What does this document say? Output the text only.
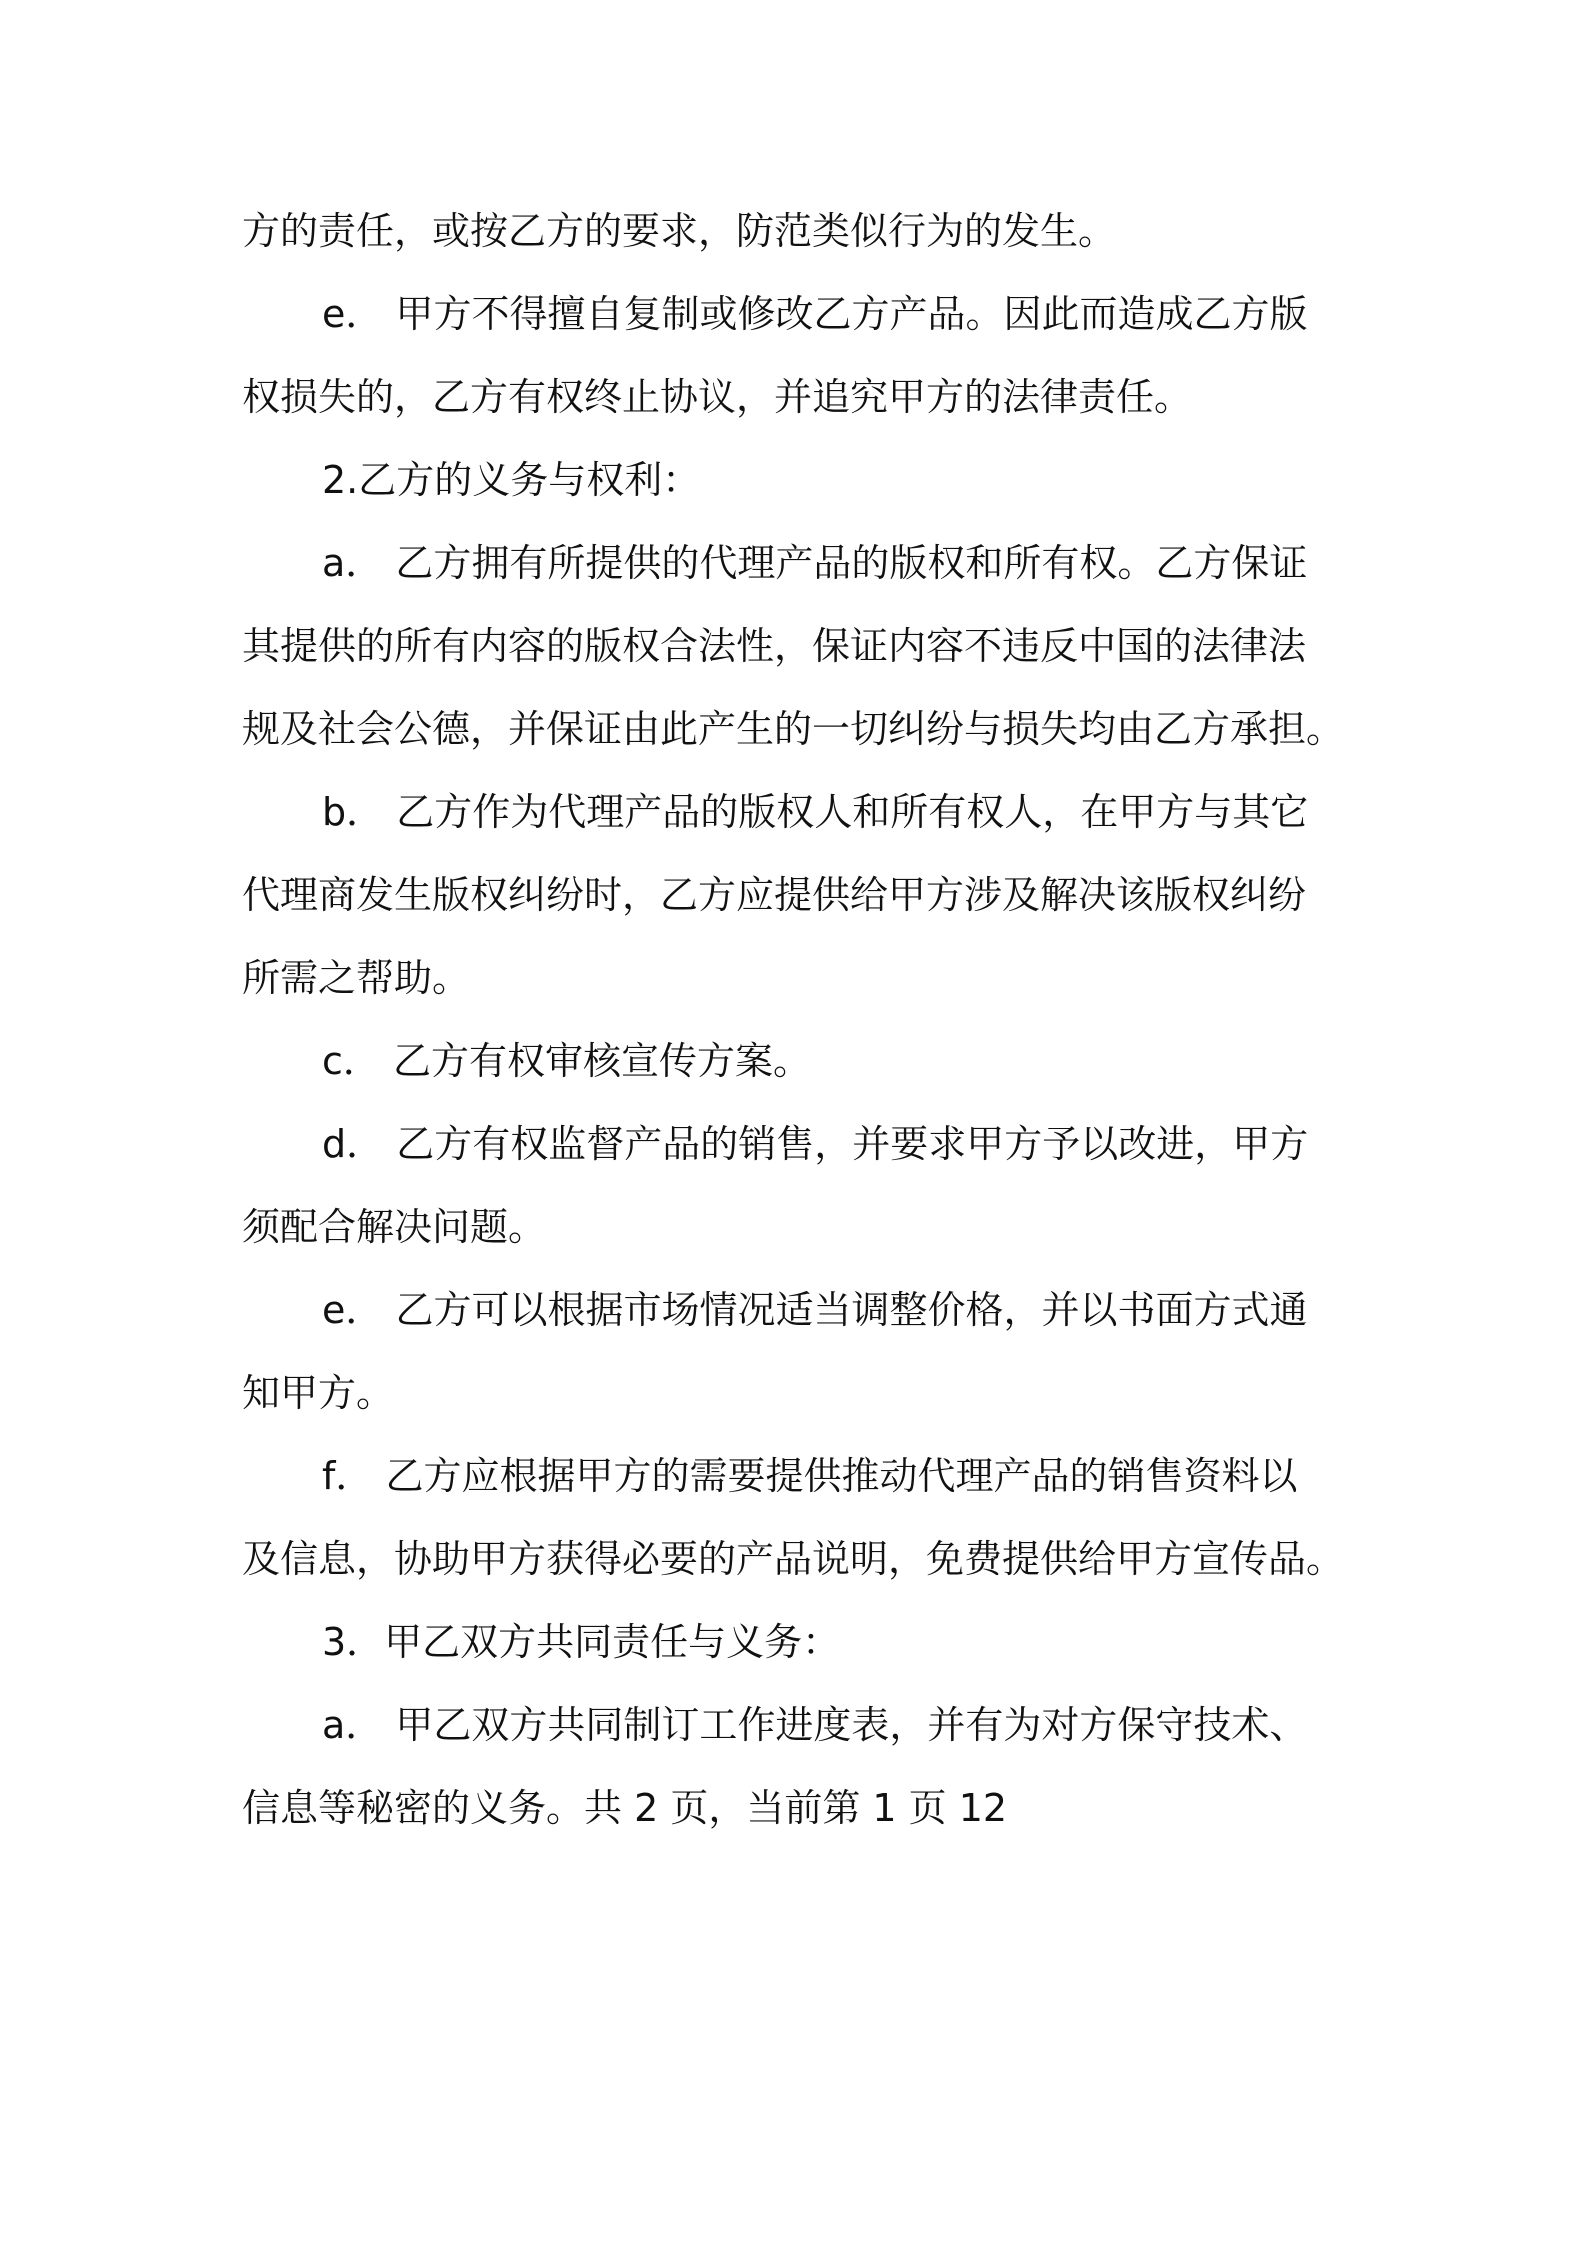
方的责任，或按乙方的要求，防范类似行为的发生。
e． 甲方不得擅自复制或修改乙方产品。因此而造成乙方版
权损失的，乙方有权终止协议，并追究甲方的法律责任。
2.乙方的义务与权利：
a． 乙方拥有所提供的代理产品的版权和所有权。乙方保证
其提供的所有内容的版权合法性，保证内容不违反中国的法律法
规及社会公德，并保证由此产生的一切纠纷与损失均由乙方承担。
b． 乙方作为代理产品的版权人和所有权人，在甲方与其它
代理商发生版权纠纷时，乙方应提供给甲方涉及解决该版权纠纷
所需之帮助。
c． 乙方有权审核宣传方案。
d． 乙方有权监督产品的销售，并要求甲方予以改进，甲方
须配合解决问题。
e． 乙方可以根据市场情况适当调整价格，并以书面方式通
知甲方。
f． 乙方应根据甲方的需要提供推动代理产品的销售资料以
及信息，协助甲方获得必要的产品说明，免费提供给甲方宣传品。
3．甲乙双方共同责任与义务：
a． 甲乙双方共同制订工作进度表，并有为对方保守技术、
信息等秘密的义务。共 2 页，当前第 1 页 12
